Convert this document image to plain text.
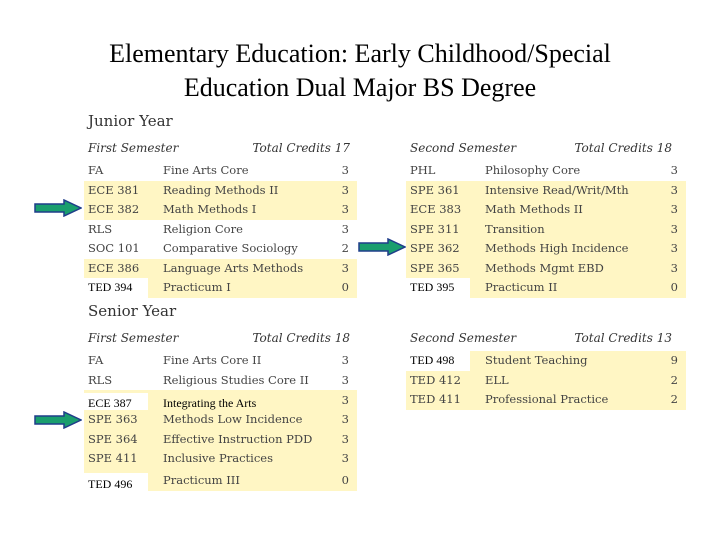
Elementary Education: Early Childhood/Special
Education Dual Major BS Degree
Junior Year
First Semester	Total Credits 17
FA	Fine Arts Core	3
ECE 381 Reading Methods II	3
ECE 382 Math Methods I	3
RLS	Religion Core	3
SOC 101 Comparative Sociology	2
ECE 386 Language Arts Methods	3
TED 394	Practicum I	0
Second Semester	Total Credits 18
PHL	Philosophy Core	3
SPE 361 Intensive Read/Writ/Mth	3
ECE 383 Math Methods II	3
SPE 311 Transition	3
SPE 362 Methods High Incidence	3
SPE 365 Methods Mgmt EBD	3
TED 395	Practicum II	0
Senior Year
First Semester	Total Credits 18
FA	Fine Arts Core II	3
RLS	Religious Studies Core II	3
ECE 387	Integrating the Arts	3
SPE 363 Methods Low Incidence	3
SPE 364 Effective Instruction PDD	3
SPE 411 Inclusive Practices	3
TED 496	Practicum III	0
Second Semester	Total Credits 13
TED 498	Student Teaching	9
TED 412 ELL	2
TED 411 Professional Practice	2
